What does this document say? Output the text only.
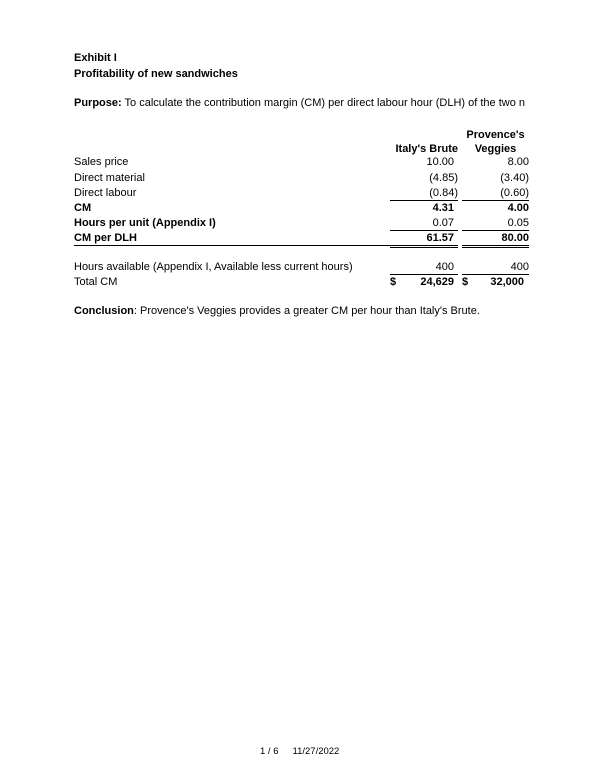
Exhibit I
Profitability of new sandwiches
Purpose: To calculate the contribution margin (CM) per direct labour hour (DLH) of the two n
Italy's Brute
Provence's
Veggies
Sales price	10.00	8.00
Direct material	(4.85)	(3.40)
Direct labour	(0.84)	(0.60)
CM	4.31	4.00
Hours per unit (Appendix I)	0.07	0.05
CM per DLH	61.57	80.00
Hours available (Appendix I, Available less current hours)	400	400
Total CM	$	24,629 $	32,000
Conclusion: Provence's Veggies provides a greater CM per hour than Italy's Brute.
1 / 6 11/27/2022
